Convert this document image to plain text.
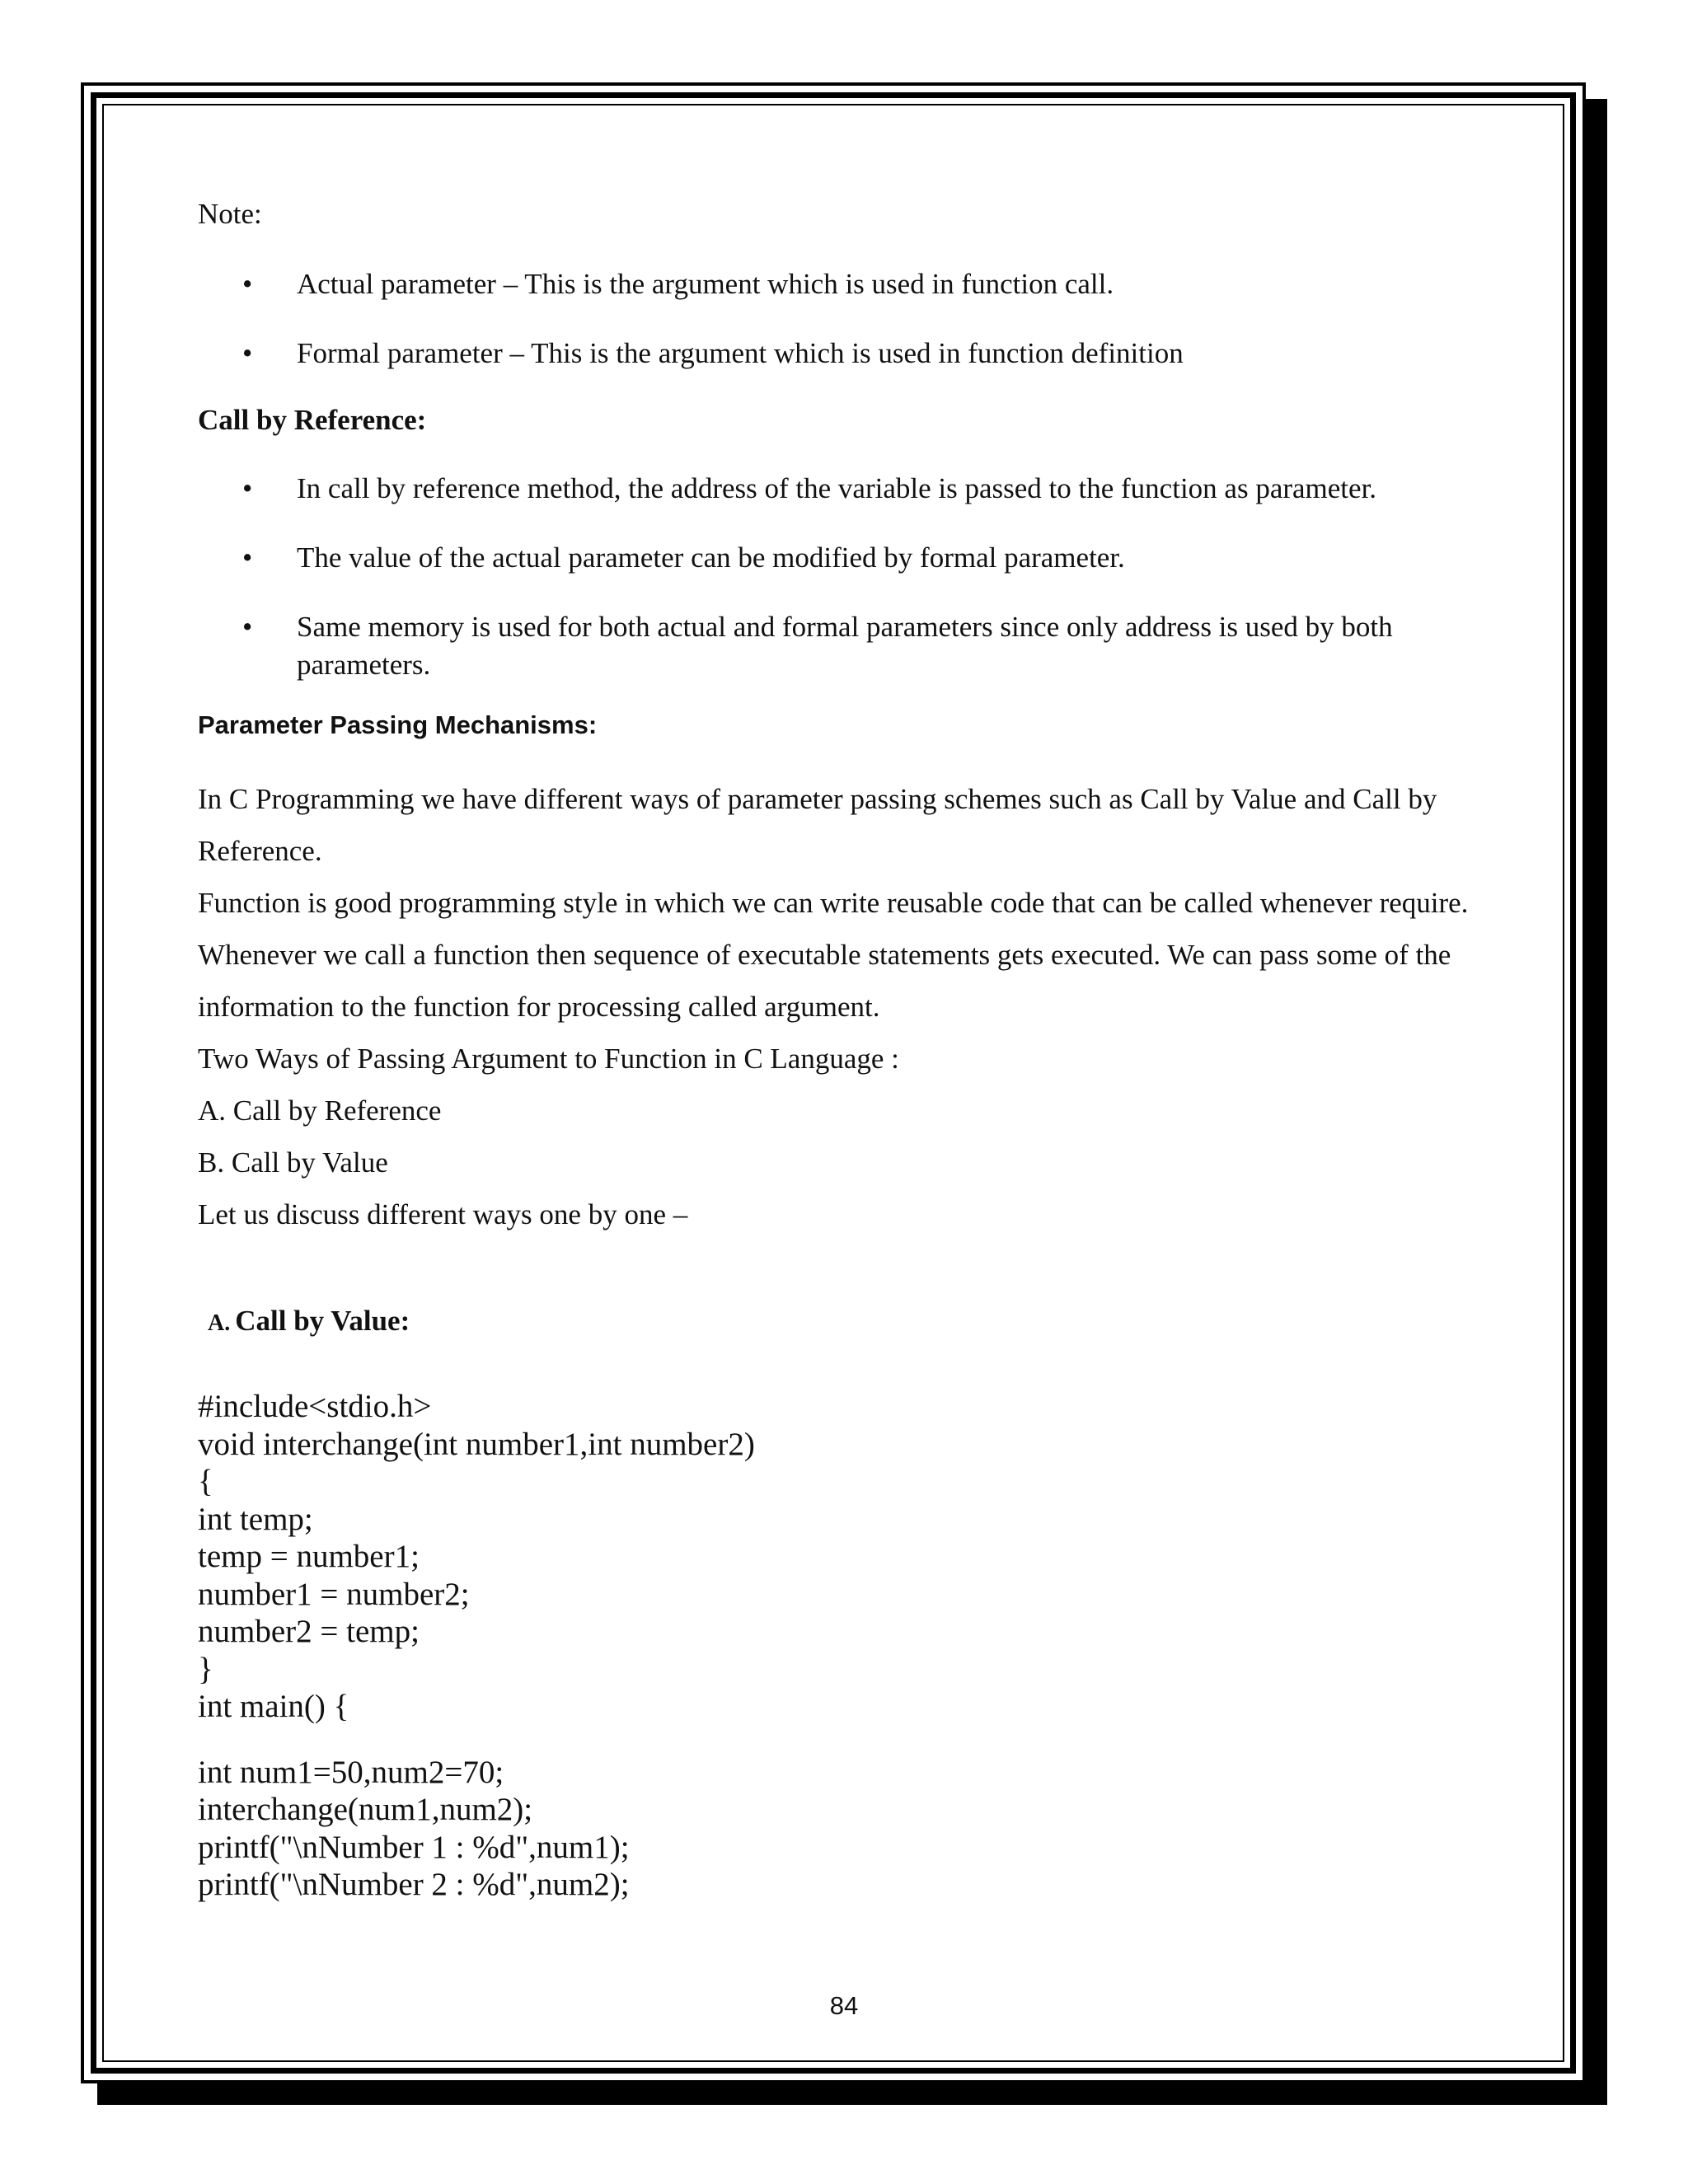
Note:

• Actual parameter – This is the argument which is used in function call.
• Formal parameter – This is the argument which is used in function definition

Call by Reference:

• In call by reference method, the address of the variable is passed to the function as parameter.
• The value of the actual parameter can be modified by formal parameter.
• Same memory is used for both actual and formal parameters since only address is used by both parameters.

Parameter Passing Mechanisms:

In C Programming we have different ways of parameter passing schemes such as Call by Value and Call by Reference.

Function is good programming style in which we can write reusable code that can be called whenever require.

Whenever we call a function then sequence of executable statements gets executed. We can pass some of the information to the function for processing called argument.

Two Ways of Passing Argument to Function in C Language :

A. Call by Reference

B. Call by Value

Let us discuss different ways one by one –

A. Call by Value:
#include<stdio.h>
void interchange(int number1,int number2)
{
int temp;
temp = number1;
number1 = number2;
number2 = temp;
}
int main() {
int num1=50,num2=70;
interchange(num1,num2);
printf("\nNumber 1 : %d",num1);
printf("\nNumber 2 : %d",num2);
84
